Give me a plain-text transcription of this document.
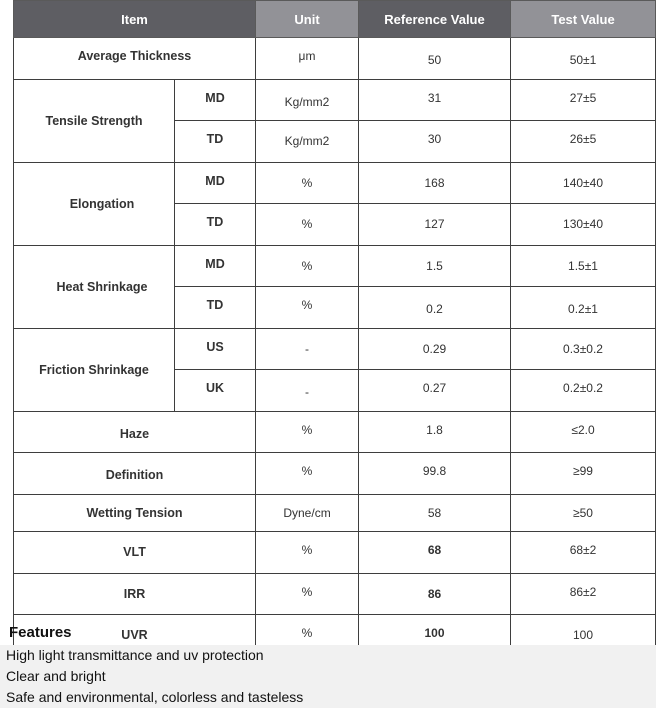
Item		Unit	Reference Value	Test Value
Average Thickness		μm	50	50±1
Tensile Strength	MD	Kg/mm2	31	27±5
	TD	Kg/mm2	30	26±5
Elongation	MD	%	168	140±40
	TD	%	127	130±40
Heat Shrinkage	MD	%	1.5	1.5±1
	TD	%	0.2	0.2±1
Friction Shrinkage	US	-	0.29	0.3±0.2
	UK	-	0.27	0.2±0.2
Haze		%	1.8	≤2.0
Definition		%	99.8	≥99
Wetting Tension		Dyne/cm	58	≥50
VLT		%	68	68±2
IRR		%	86	86±2
UVR		%	100	100
Features
High light transmittance and uv protection
Clear and bright
Safe and environmental, colorless and tasteless
